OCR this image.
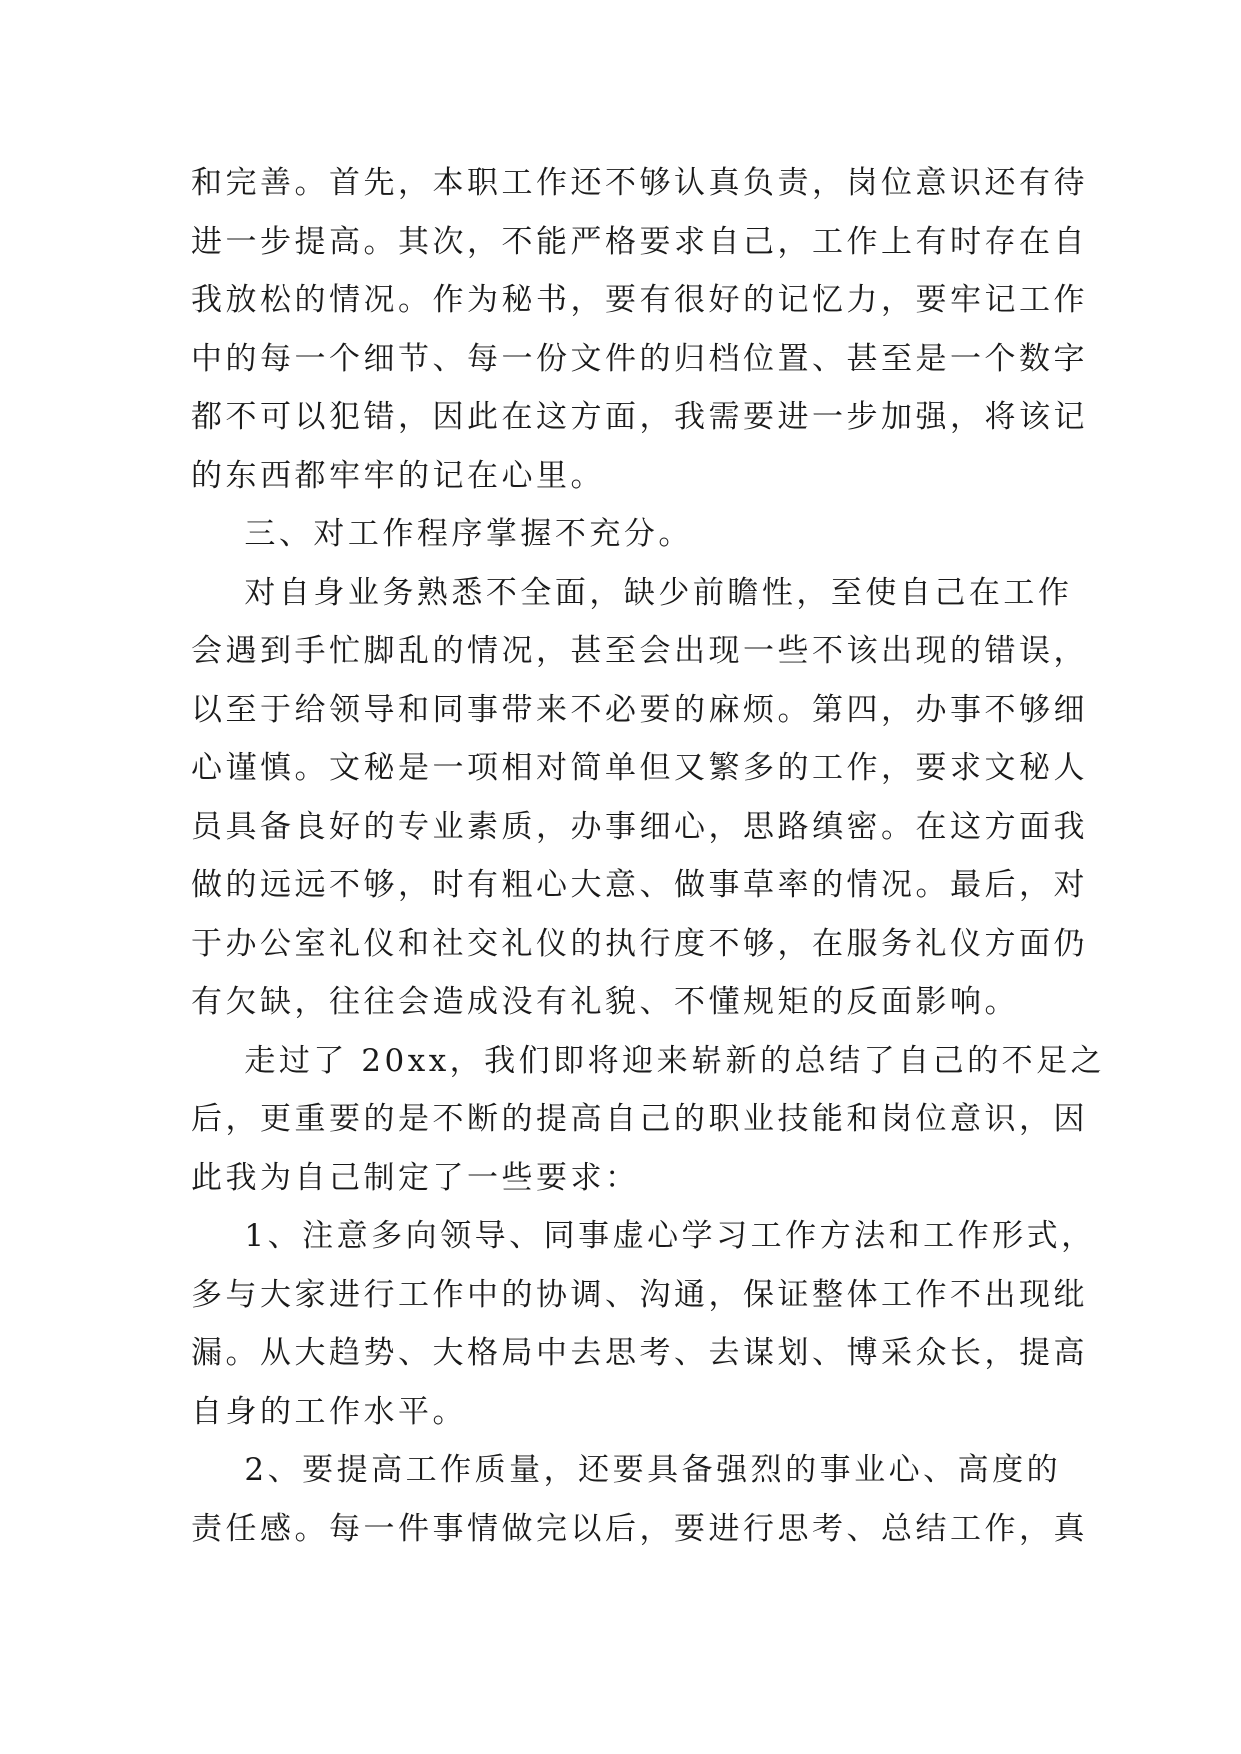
和完善。首先，本职工作还不够认真负责，岗位意识还有待
进一步提高。其次，不能严格要求自己，工作上有时存在自
我放松的情况。作为秘书，要有很好的记忆力，要牢记工作
中的每一个细节、每一份文件的归档位置、甚至是一个数字
都不可以犯错，因此在这方面，我需要进一步加强，将该记
的东西都牢牢的记在心里。
三、对工作程序掌握不充分。
对自身业务熟悉不全面，缺少前瞻性，至使自己在工作
会遇到手忙脚乱的情况，甚至会出现一些不该出现的错误，
以至于给领导和同事带来不必要的麻烦。第四，办事不够细
心谨慎。文秘是一项相对简单但又繁多的工作，要求文秘人
员具备良好的专业素质，办事细心，思路缜密。在这方面我
做的远远不够，时有粗心大意、做事草率的情况。最后，对
于办公室礼仪和社交礼仪的执行度不够，在服务礼仪方面仍
有欠缺，往往会造成没有礼貌、不懂规矩的反面影响。
走过了 20xx，我们即将迎来崭新的总结了自己的不足之
后，更重要的是不断的提高自己的职业技能和岗位意识，因
此我为自己制定了一些要求：
1、注意多向领导、同事虚心学习工作方法和工作形式，
多与大家进行工作中的协调、沟通，保证整体工作不出现纰
漏。从大趋势、大格局中去思考、去谋划、博采众长，提高
自身的工作水平。
2、要提高工作质量，还要具备强烈的事业心、高度的
责任感。每一件事情做完以后，要进行思考、总结工作，真
